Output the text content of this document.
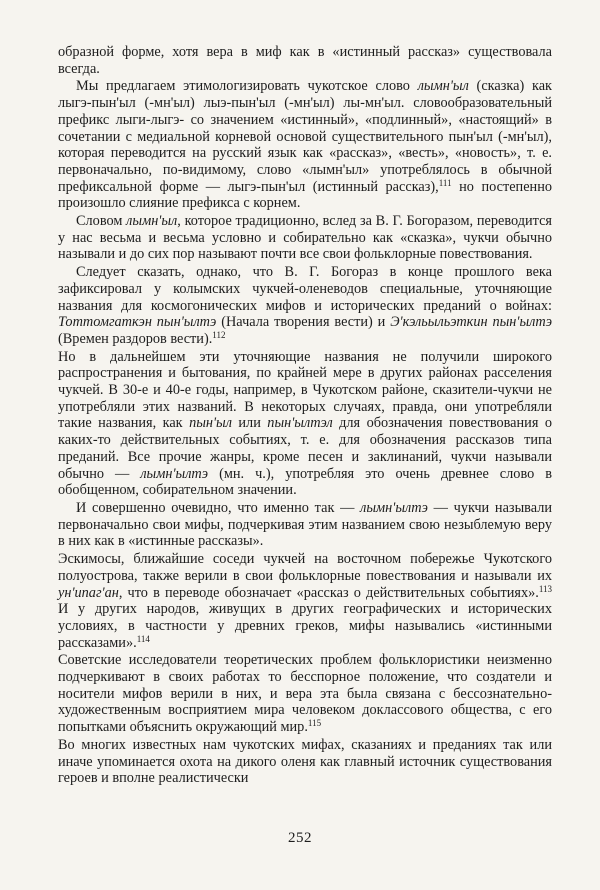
образной форме, хотя вера в миф как в «истинный рассказ» существовала всегда.

Мы предлагаем этимологизировать чукотское слово лымн'ыл (сказка) как лыгэ-пын'ыл (-мн'ыл) лыэ-пын'ыл (-мн'ыл) лы-мн'ыл. словообразовательный префикс лыги-лыгэ- со значением «истинный», «подлинный», «настоящий» в сочетании с медиальной корневой основой существительного пын'ыл (-мн'ыл), которая переводится на русский язык как «рассказ», «весть», «новость», т. е. первоначально, по-видимому, слово «лымн'ыл» употреблялось в обычной префиксальной форме — лыгэ-пын'ыл (истинный рассказ),$^{111}$ но постепенно произошло слияние префикса с корнем.

Словом лымн'ыл, которое традиционно, вслед за В. Г. Богоразом, переводится у нас весьма и весьма условно и собирательно как «сказка», чукчи обычно называли и до сих пор называют почти все свои фольклорные повествования.

Следует сказать, однако, что В. Г. Богораз в конце прошлого века зафиксировал у колымских чукчей-оленеводов специальные, уточняющие названия для космогонических мифов и исторических преданий о войнах: Тоттомгаткэн пын'ылтэ (Начала творения вести) и Э'кэльыльэткин пын'ылтэ (Времен раздоров вести).$^{112}$

Но в дальнейшем эти уточняющие названия не получили широкого распространения и бытования, по крайней мере в других районах расселения чукчей. В 30-е и 40-е годы, например, в Чукотском районе, сказители-чукчи не употребляли этих названий. В некоторых случаях, правда, они употребляли такие названия, как пын'ыл или пын'ылтэл для обозначения повествования о каких-то действительных событиях, т. е. для обозначения рассказов типа преданий. Все прочие жанры, кроме песен и заклинаний, чукчи называли обычно — лымн'ылтэ (мн. ч.), употребляя это очень древнее слово в обобщенном, собирательном значении.

И совершенно очевидно, что именно так — лымн'ылтэ — чукчи называли первоначально свои мифы, подчеркивая этим названием свою незыблемую веру в них как в «истинные рассказы».

Эскимосы, ближайшие соседи чукчей на восточном побережье Чукотского полуострова, также верили в свои фольклорные повествования и называли их ун'ипаг'ан, что в переводе обозначает «рассказ о действительных событиях».$^{113}$ И у других народов, живущих в других географических и исторических условиях, в частности у древних греков, мифы назывались «истинными рассказами».$^{114}$

Советские исследователи теоретических проблем фольклористики неизменно подчеркивают в своих работах то бесспорное положение, что создатели и носители мифов верили в них, и вера эта была связана с бессознательно-художественным восприятием мира человеком доклассового общества, с его попытками объяснить окружающий мир.$^{115}$

Во многих известных нам чукотских мифах, сказаниях и преданиях так или иначе упоминается охота на дикого оленя как главный источник существования героев и вполне реалистически

252
